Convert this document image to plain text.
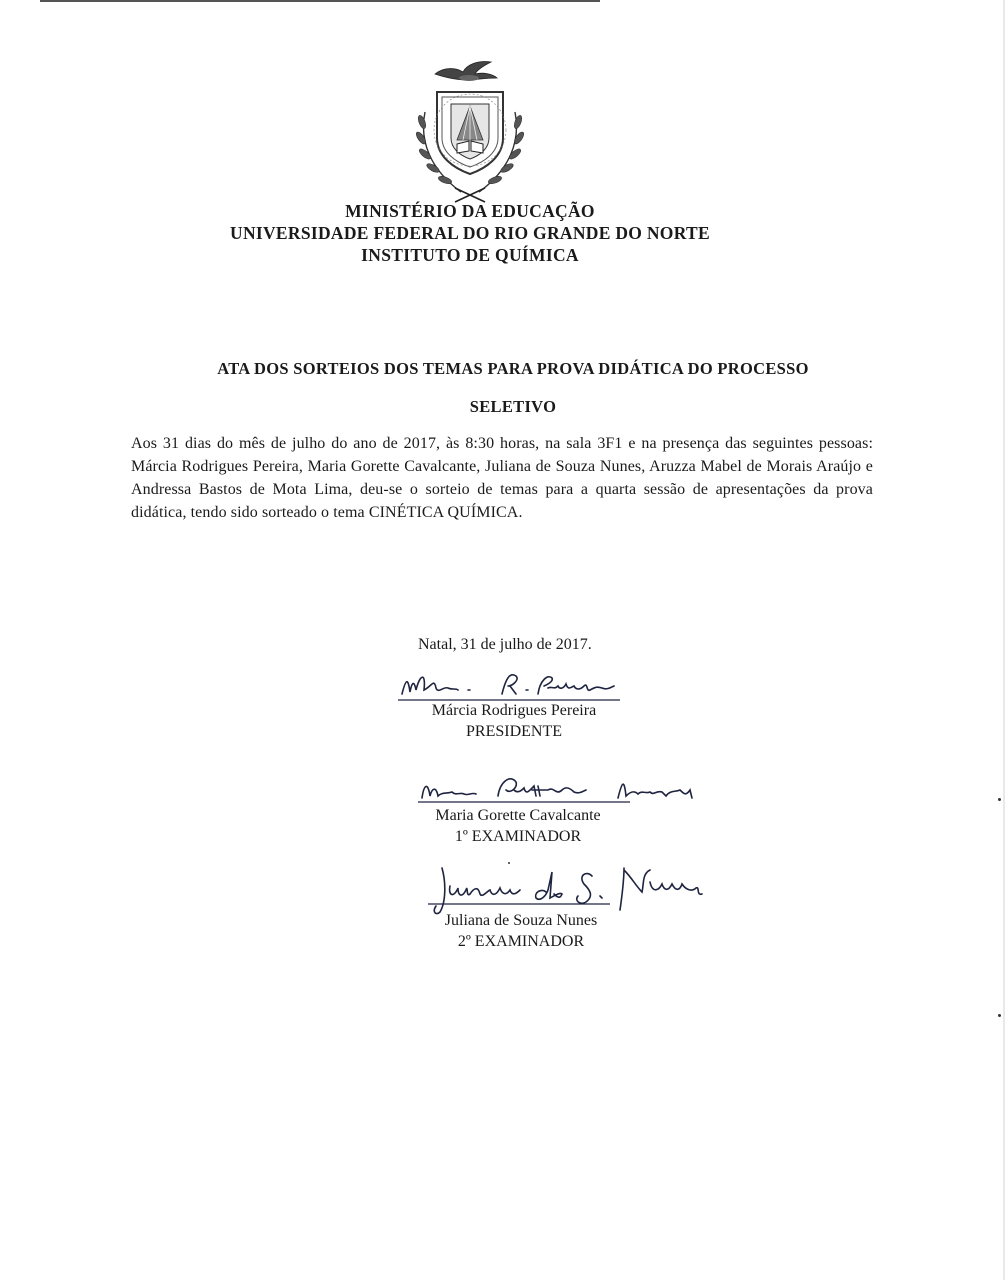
MINISTÉRIO DA EDUCAÇÃO
UNIVERSIDADE FEDERAL DO RIO GRANDE DO NORTE
INSTITUTO DE QUÍMICA
ATA DOS SORTEIOS DOS TEMAS PARA PROVA DIDÁTICA DO PROCESSO
SELETIVO
Aos 31 dias do mês de julho do ano de 2017, às 8:30 horas, na sala 3F1 e na presença das seguintes pessoas: Márcia Rodrigues Pereira, Maria Gorette Cavalcante, Juliana de Souza Nunes, Aruzza Mabel de Morais Araújo e Andressa Bastos de Mota Lima, deu-se o sorteio de temas para a quarta sessão de apresentações da prova didática, tendo sido sorteado o tema CINÉTICA QUÍMICA.
Natal, 31 de julho de 2017.
Márcia Rodrigues Pereira
PRESIDENTE
Maria Gorette Cavalcante
1º EXAMINADOR
Juliana de Souza Nunes
2º EXAMINADOR
